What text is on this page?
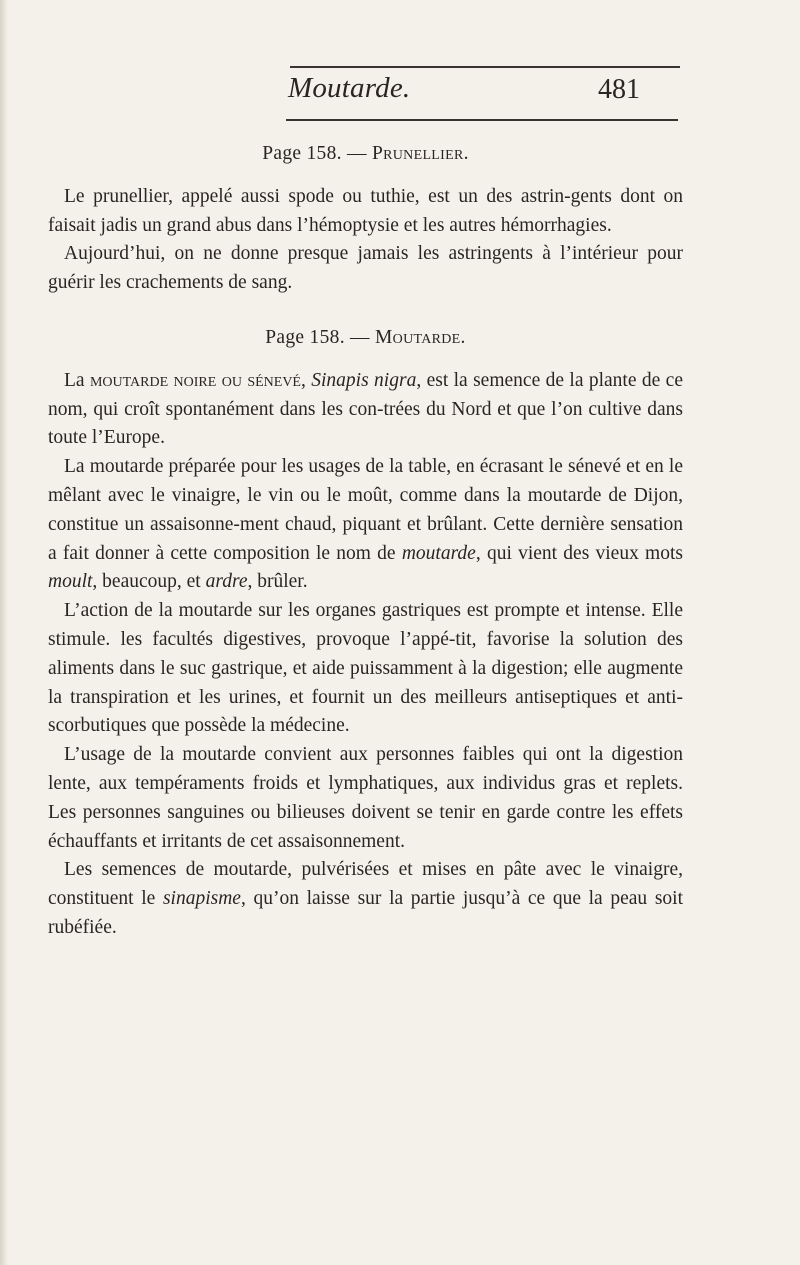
Moutarde.	481
Page 158. — Prunellier.

Le prunellier, appelé aussi spode ou tuthie, est un des astrin-gents dont on faisait jadis un grand abus dans l’hémoptysie et les autres hémorrhagies.

Aujourd’hui, on ne donne presque jamais les astringents à l’intérieur pour guérir les crachements de sang.

Page 158. — Moutarde.

La moutarde noire ou sénevé, Sinapis nigra, est la semence de la plante de ce nom, qui croît spontanément dans les con-trées du Nord et que l’on cultive dans toute l’Europe.

La moutarde préparée pour les usages de la table, en écrasant le sénevé et en le mêlant avec le vinaigre, le vin ou le moût, comme dans la moutarde de Dijon, constitue un assaisonne-ment chaud, piquant et brûlant. Cette dernière sensation a fait donner à cette composition le nom de moutarde, qui vient des vieux mots moult, beaucoup, et ardre, brûler.

L’action de la moutarde sur les organes gastriques est prompte et intense. Elle stimule. les facultés digestives, provoque l’appé-tit, favorise la solution des aliments dans le suc gastrique, et aide puissamment à la digestion; elle augmente la transpiration et les urines, et fournit un des meilleurs antiseptiques et anti-scorbutiques que possède la médecine.

L’usage de la moutarde convient aux personnes faibles qui ont la digestion lente, aux tempéraments froids et lymphatiques, aux individus gras et replets. Les personnes sanguines ou bilieuses doivent se tenir en garde contre les effets échauffants et irritants de cet assaisonnement.

Les semences de moutarde, pulvérisées et mises en pâte avec le vinaigre, constituent le sinapisme, qu’on laisse sur la partie jusqu’à ce que la peau soit rubéfiée.
